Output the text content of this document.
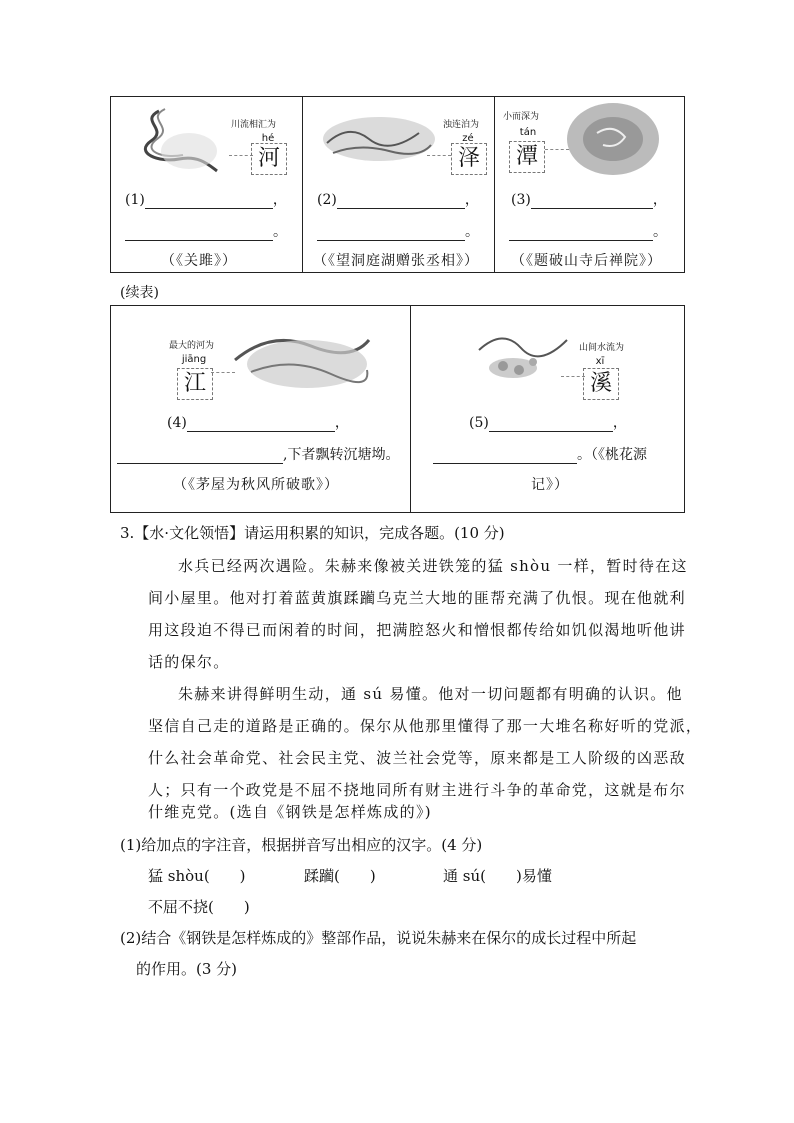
川流相汇为
hé
河
(1)	，
。
（《关雎》）
浊连泊为
zé
泽
(2)	，
。
（《望洞庭湖赠张丞相》）
小而深为
tán
潭
(3)	，
。
（《题破山寺后禅院》）
(续表)
最大的河为
jiāng
江
(4)	，
,下者飘转沉塘坳。
（《茅屋为秋风所破歌》）
山间水流为
xī
溪
(5)	，
。（《桃花源
记》）
3.【水·文化领悟】请运用积累的知识，完成各题。(10 分)
水兵已经两次遇险。朱赫来像被关进铁笼的猛 shòu 一样，暂时待在这
间小屋里。他对打着蓝黄旗蹂躏乌克兰大地的匪帮充满了仇恨。现在他就利
用这段迫不得已而闲着的时间，把满腔怒火和憎恨都传给如饥似渴地听他讲
话的保尔。
朱赫来讲得鲜明生动，通 sú 易懂。他对一切问题都有明确的认识。他
坚信自己走的道路是正确的。保尔从他那里懂得了那一大堆名称好听的党派，
什么社会革命党、社会民主党、波兰社会党等，原来都是工人阶级的凶恶敌
人；只有一个政党是不屈不挠地同所有财主进行斗争的革命党，这就是布尔
什维克党。(选自《钢铁是怎样炼成的》)
(1)给加点的字注音，根据拼音写出相应的汉字。(4 分)
猛 shòu(　　)	蹂躏(　　)	通 sú(　　)易懂
不屈不挠(　　)
(2)结合《钢铁是怎样炼成的》整部作品，说说朱赫来在保尔的成长过程中所起
的作用。(3 分)
